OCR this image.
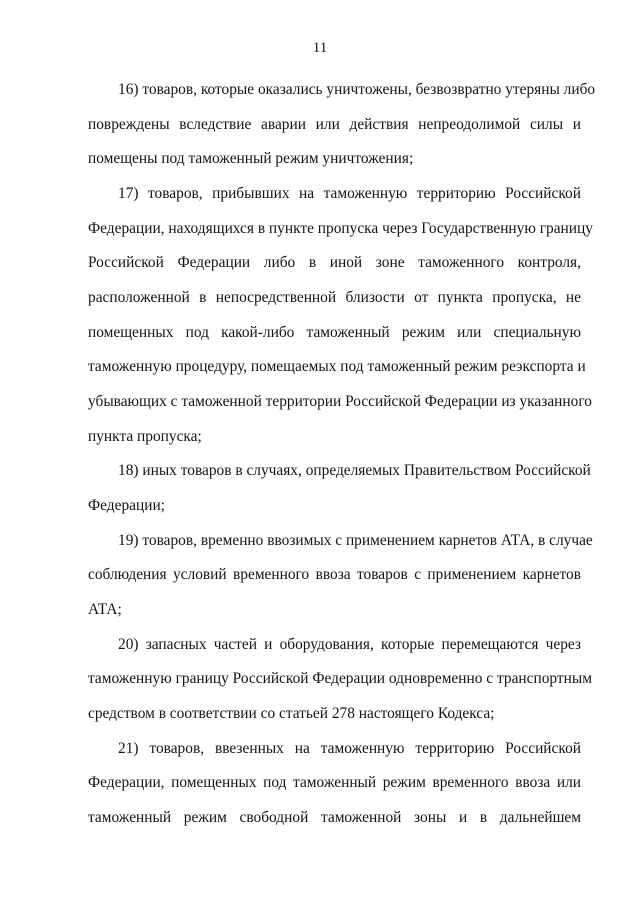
11
16) товаров, которые оказались уничтожены, безвозвратно утеряны либо
повреждены вследствие аварии или действия непреодолимой силы и
помещены под таможенный режим уничтожения;
17) товаров, прибывших на таможенную территорию Российской
Федерации, находящихся в пункте пропуска через Государственную границу
Российской Федерации либо в иной зоне таможенного контроля,
расположенной в непосредственной близости от пункта пропуска, не
помещенных под какой-либо таможенный режим или специальную
таможенную процедуру, помещаемых под таможенный режим реэкспорта и
убывающих с таможенной территории Российской Федерации из указанного
пункта пропуска;
18) иных товаров в случаях, определяемых Правительством Российской
Федерации;
19) товаров, временно ввозимых с применением карнетов АТА, в случае
соблюдения условий временного ввоза товаров с применением карнетов
АТА;
20) запасных частей и оборудования, которые перемещаются через
таможенную границу Российской Федерации одновременно с транспортным
средством в соответствии со статьей 278 настоящего Кодекса;
21) товаров, ввезенных на таможенную территорию Российской
Федерации, помещенных под таможенный режим временного ввоза или
таможенный режим свободной таможенной зоны и в дальнейшем
